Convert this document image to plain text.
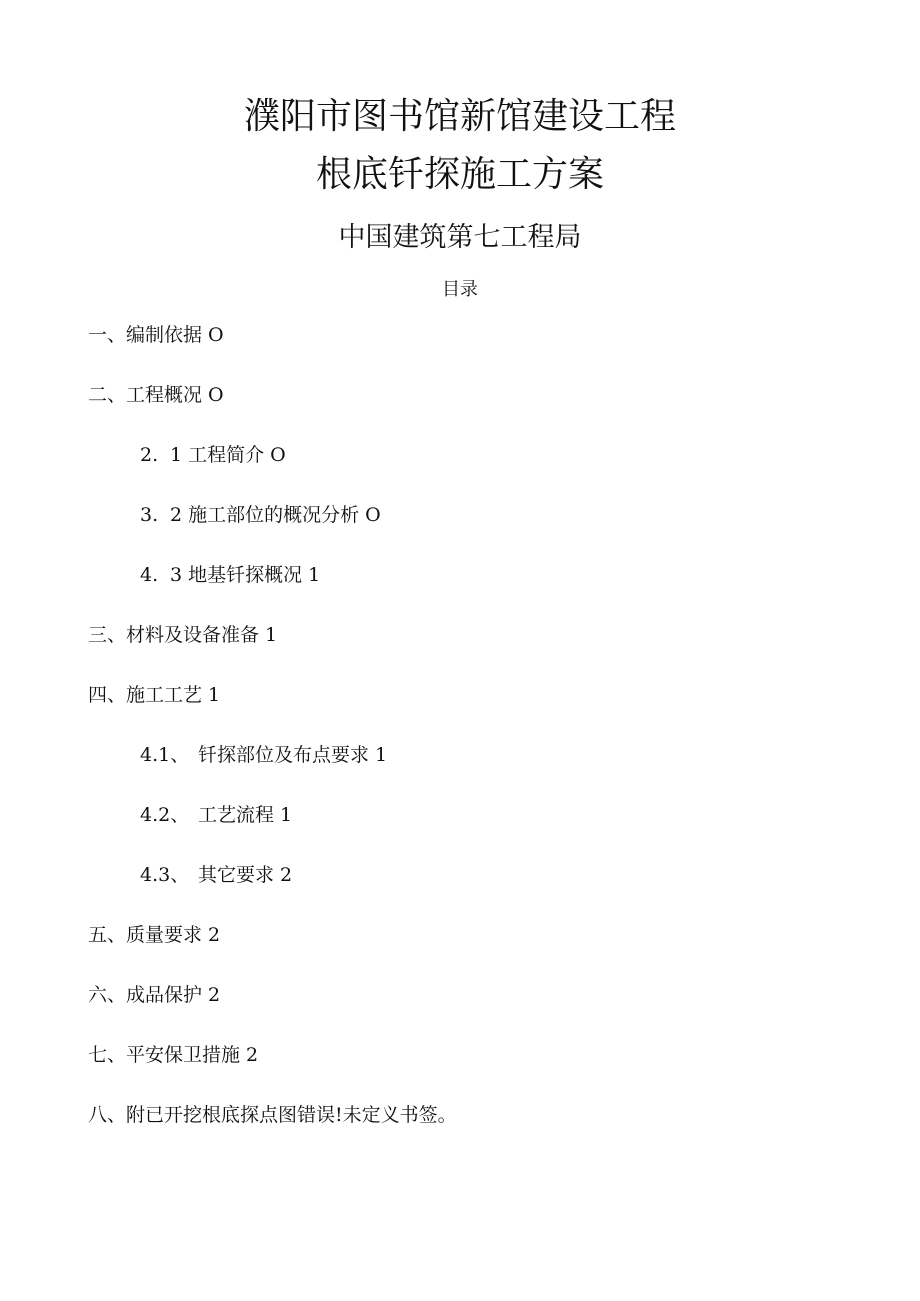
濮阳市图书馆新馆建设工程
根底钎探施工方案
中国建筑第七工程局
目录
一、编制依据 O
二、工程概况 O
2. 1 工程简介 O
3. 2 施工部位的概况分析 O
4. 3 地基钎探概况 1
三、材料及设备准备 1
四、施工工艺 1
4.1、 钎探部位及布点要求 1
4.2、 工艺流程 1
4.3、 其它要求 2
五、质量要求 2
六、成品保护 2
七、平安保卫措施 2
八、附已开挖根底探点图错误!未定义书签。
